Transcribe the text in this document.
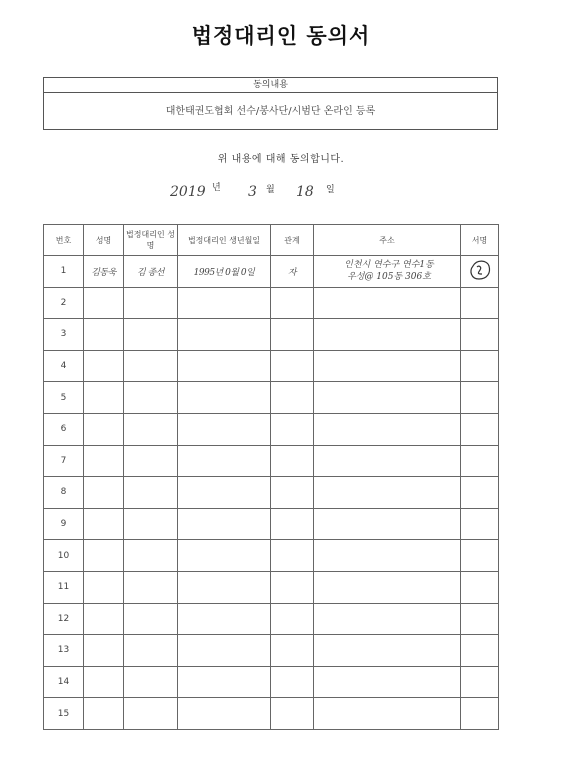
법정대리인 동의서
동의내용
대한태권도협회 선수/봉사단/시범단 온라인 등록
위 내용에 대해 동의합니다.
2019 년 3 월 18 일
번호	성명	법정대리인 성명	법정대리인 생년월일	관계	주소	서명
1	김동욱	김 종선	1995년 0월 0일	자	인천시 연수구 연수1동
우성@ 105동 306호

2					

3					

4					

5					

6					

7					

8					

9					

10					

11					

12					

13					

14					

15					
